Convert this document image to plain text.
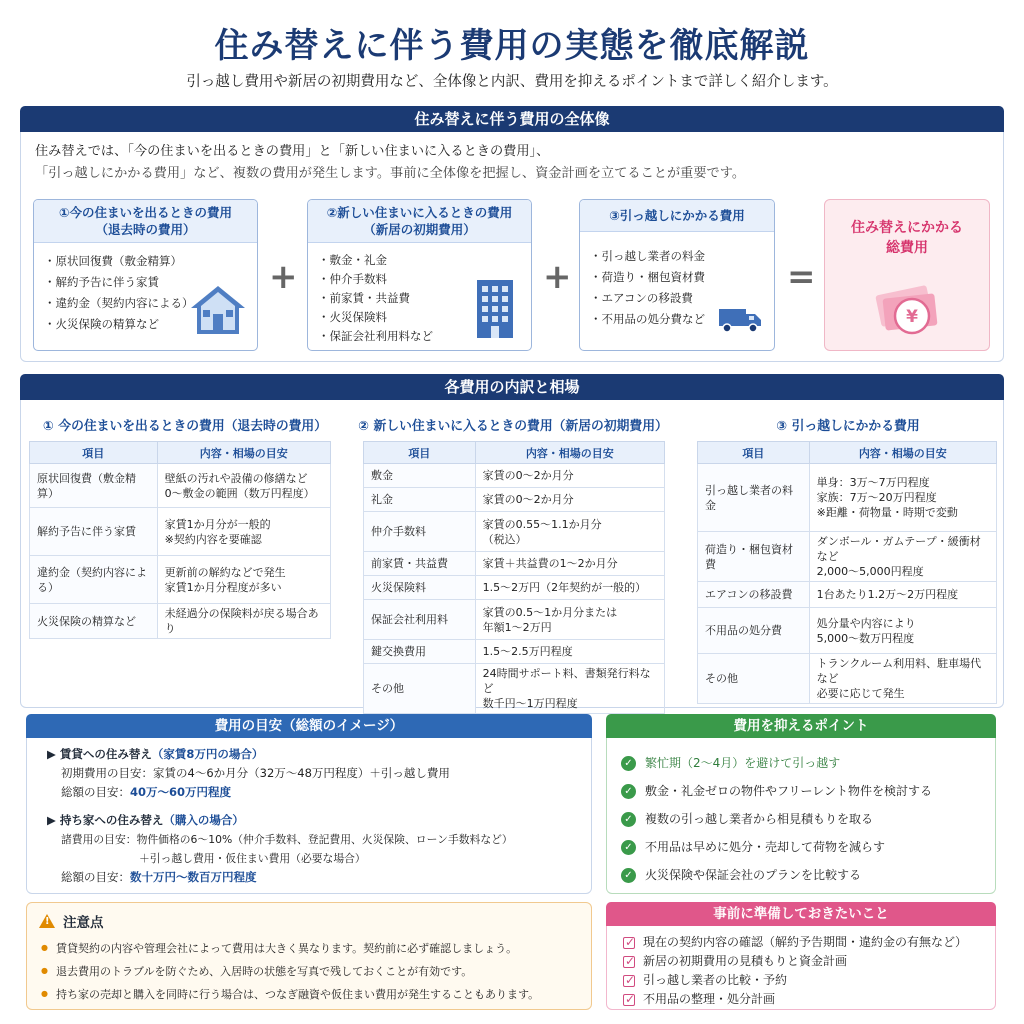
住み替えに伴う費用の実態を徹底解説

引っ越し費用や新居の初期費用など、全体像と内訳、費用を抑えるポイントまで詳しく紹介します。

住み替えに伴う費用の全体像
住み替えでは、「今の住まいを出るときの費用」と「新しい住まいに入るときの費用」、
「引っ越しにかかる費用」など、複数の費用が発生します。事前に全体像を把握し、資金計画を立てることが重要です。
①今の住まいを出るときの費用
（退去時の費用）
・ 原状回復費（敷金精算）
・ 解約予告に伴う家賃
・ 違約金（契約内容による）
・ 火災保険の精算など
+
②新しい住まいに入るときの費用
（新居の初期費用）
・ 敷金・礼金
・ 仲介手数料
・ 前家賃・共益費
・ 火災保険料
・ 保証会社利用料など
+
③引っ越しにかかる費用
・ 引っ越し業者の料金
・ 荷造り・梱包資材費
・ エアコンの移設費
・ 不用品の処分費など
=
住み替えにかかる
総費用
¥
各費用の内訳と相場
① 今の住まいを出るときの費用（退去時の費用）
項目	内容・相場の目安
原状回復費（敷金精算）	壁紙の汚れや設備の修繕など
0〜敷金の範囲（数万円程度）

解約予告に伴う家賃	家賃1か月分が一般的
※契約内容を要確認

違約金（契約内容による）	更新前の解約などで発生
家賃1か月分程度が多い

火災保険の精算など	未経過分の保険料が戻る場合あり
② 新しい住まいに入るときの費用（新居の初期費用）
項目	内容・相場の目安
敷金	家賃の0〜2か月分
礼金	家賃の0〜2か月分
仲介手数料	家賃の0.55〜1.1か月分
（税込）

前家賃・共益費	家賃＋共益費の1〜2か月分
火災保険料	1.5〜2万円（2年契約が一般的）
保証会社利用料	家賃の0.5〜1か月分または
年額1〜2万円

鍵交換費用	1.5〜2.5万円程度
その他	24時間サポート料、書類発行料など
数千円〜1万円程度
③ 引っ越しにかかる費用
項目	内容・相場の目安
引っ越し業者の料金	単身：3万〜7万円程度
家族：7万〜20万円程度
※距離・荷物量・時期で変動

荷造り・梱包資材費	ダンボール・ガムテープ・緩衝材など
2,000〜5,000円程度

エアコンの移設費	1台あたり1.2万〜2万円程度
不用品の処分費	処分量や内容により
5,000〜数万円程度

その他	トランクルーム利用料、駐車場代など
必要に応じて発生
費用の目安（総額のイメージ）
▶ 賃貸への住み替え（家賃8万円の場合）
初期費用の目安：家賃の4〜6か月分（32万〜48万円程度）＋引っ越し費用
総額の目安：40万〜60万円程度
▶ 持ち家への住み替え（購入の場合）
諸費用の目安：物件価格の6〜10%（仲介手数料、登記費用、火災保険、ローン手数料など）
＋引っ越し費用・仮住まい費用（必要な場合）
総額の目安：数十万円〜数百万円程度
費用を抑えるポイント
✓ 繁忙期（2〜4月）を避けて引っ越す
✓ 敷金・礼金ゼロの物件やフリーレント物件を検討する
✓ 複数の引っ越し業者から相見積もりを取る
✓ 不用品は早めに処分・売却して荷物を減らす
✓ 火災保険や保証会社のプランを比較する
! 注意点
● 賃貸契約の内容や管理会社によって費用は大きく異なります。契約前に必ず確認しましょう。
● 退去費用のトラブルを防ぐため、入居時の状態を写真で残しておくことが有効です。
● 持ち家の売却と購入を同時に行う場合は、つなぎ融資や仮住まい費用が発生することもあります。
事前に準備しておきたいこと
✓
現在の契約内容の確認（解約予告期間・違約金の有無など）
✓
新居の初期費用の見積もりと資金計画
✓
引っ越し業者の比較・予約
✓
不用品の整理・処分計画
